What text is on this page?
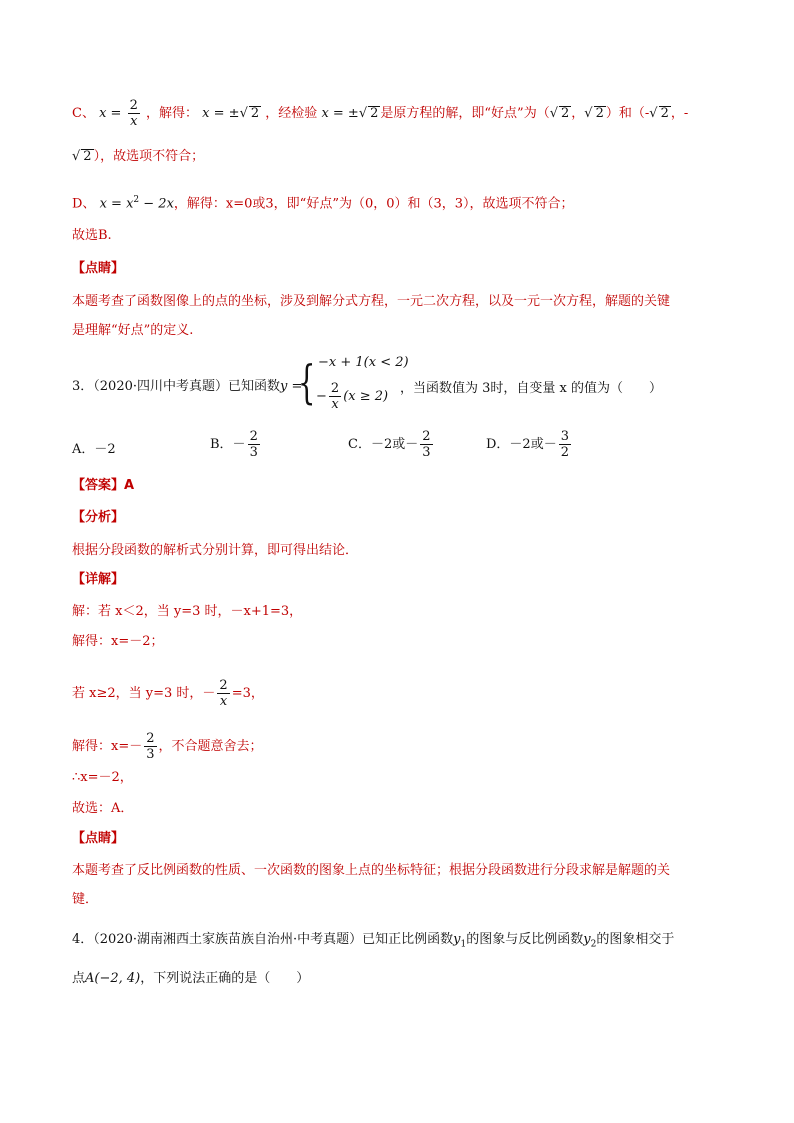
C、 $x = \frac{2}{x}$ ，解得： x = ±√ 2 ，经检验 x = ±√ 2 是原方程的解，即“好点”为（√ 2 ，√ 2 ）和（-√ 2 ，-
√ 2 ），故选项不符合；
D、 $x = x^2 - 2x$，解得：x=0或3，即“好点”为（0，0）和（3，3），故选项不符合；
故选B.
【点睛】
本题考查了函数图像上的点的坐标，涉及到解分式方程，一元二次方程，以及一元一次方程，解题的关键
是理解“好点”的定义.
3．（2020·四川中考真题）已知函数y =
{ −x + 1(x < 2)
− $\frac{2}{x} (x \ge 2)$
，当函数值为 3时，自变量 x 的值为（　　）
A．－2	B．－ $\frac{2}{3}$	C．－2或－ $\frac{2}{3}$	D．－2或－ $\frac{3}{2}$
【答案】A
【分析】
根据分段函数的解析式分别计算，即可得出结论．
【详解】
解：若 x＜2，当 y=3 时，－x+1=3，
解得：x=－2；
若 x≥2，当 y=3 时，－ $\frac{2}{x} =3$，
解得：$x=- \frac{2}{3}$ ，不合题意舍去；
∴x=－2，
故选：A．
【点睛】
本题考查了反比例函数的性质、一次函数的图象上点的坐标特征；根据分段函数进行分段求解是解题的关
键．
4．（2020·湖南湘西土家族苗族自治州·中考真题）已知正比例函数$y_1$的图象与反比例函数$y_2$的图象相交于
点A(−2, 4)，下列说法正确的是（　　）
